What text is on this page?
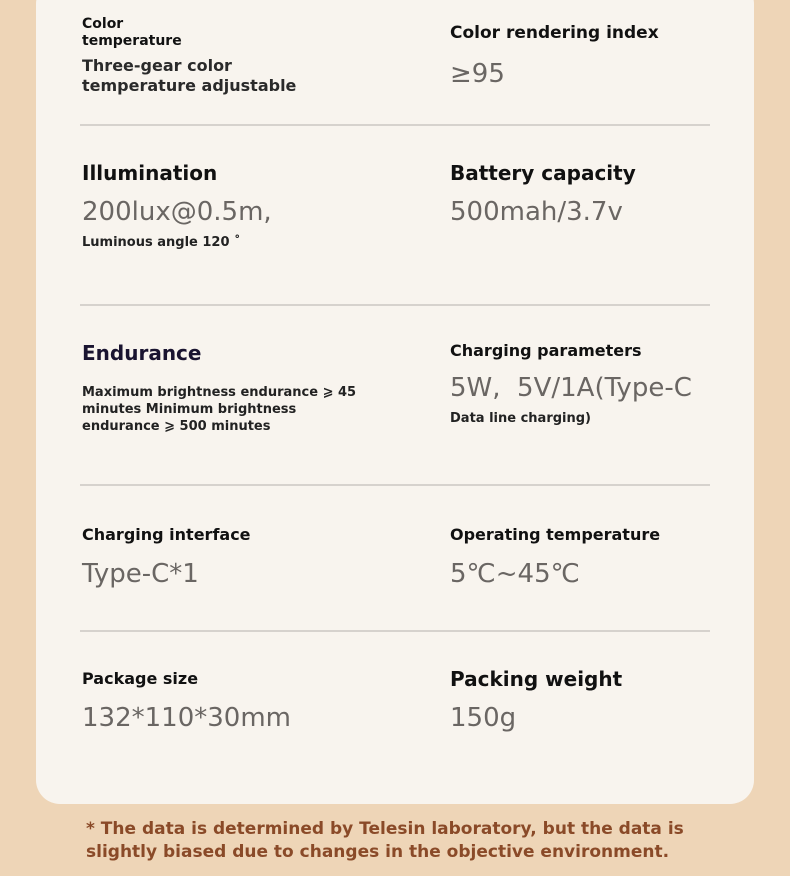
Color
temperature

Three-gear color
temperature adjustable

Color rendering index

≥95

Illumination

200lux@0.5m,

Luminous angle 120 ˚

Battery capacity

500mah/3.7v

Endurance

Maximum brightness endurance ⩾ 45
minutes Minimum brightness
endurance ⩾ 500 minutes

Charging parameters

5W,  5V/1A(Type-C

Data line charging)

Charging interface

Type-C*1

Operating temperature

5℃~45℃

Package size

132*110*30mm

Packing weight

150g

* The data is determined by Telesin laboratory, but the data is slightly biased due to changes in the objective environment.
